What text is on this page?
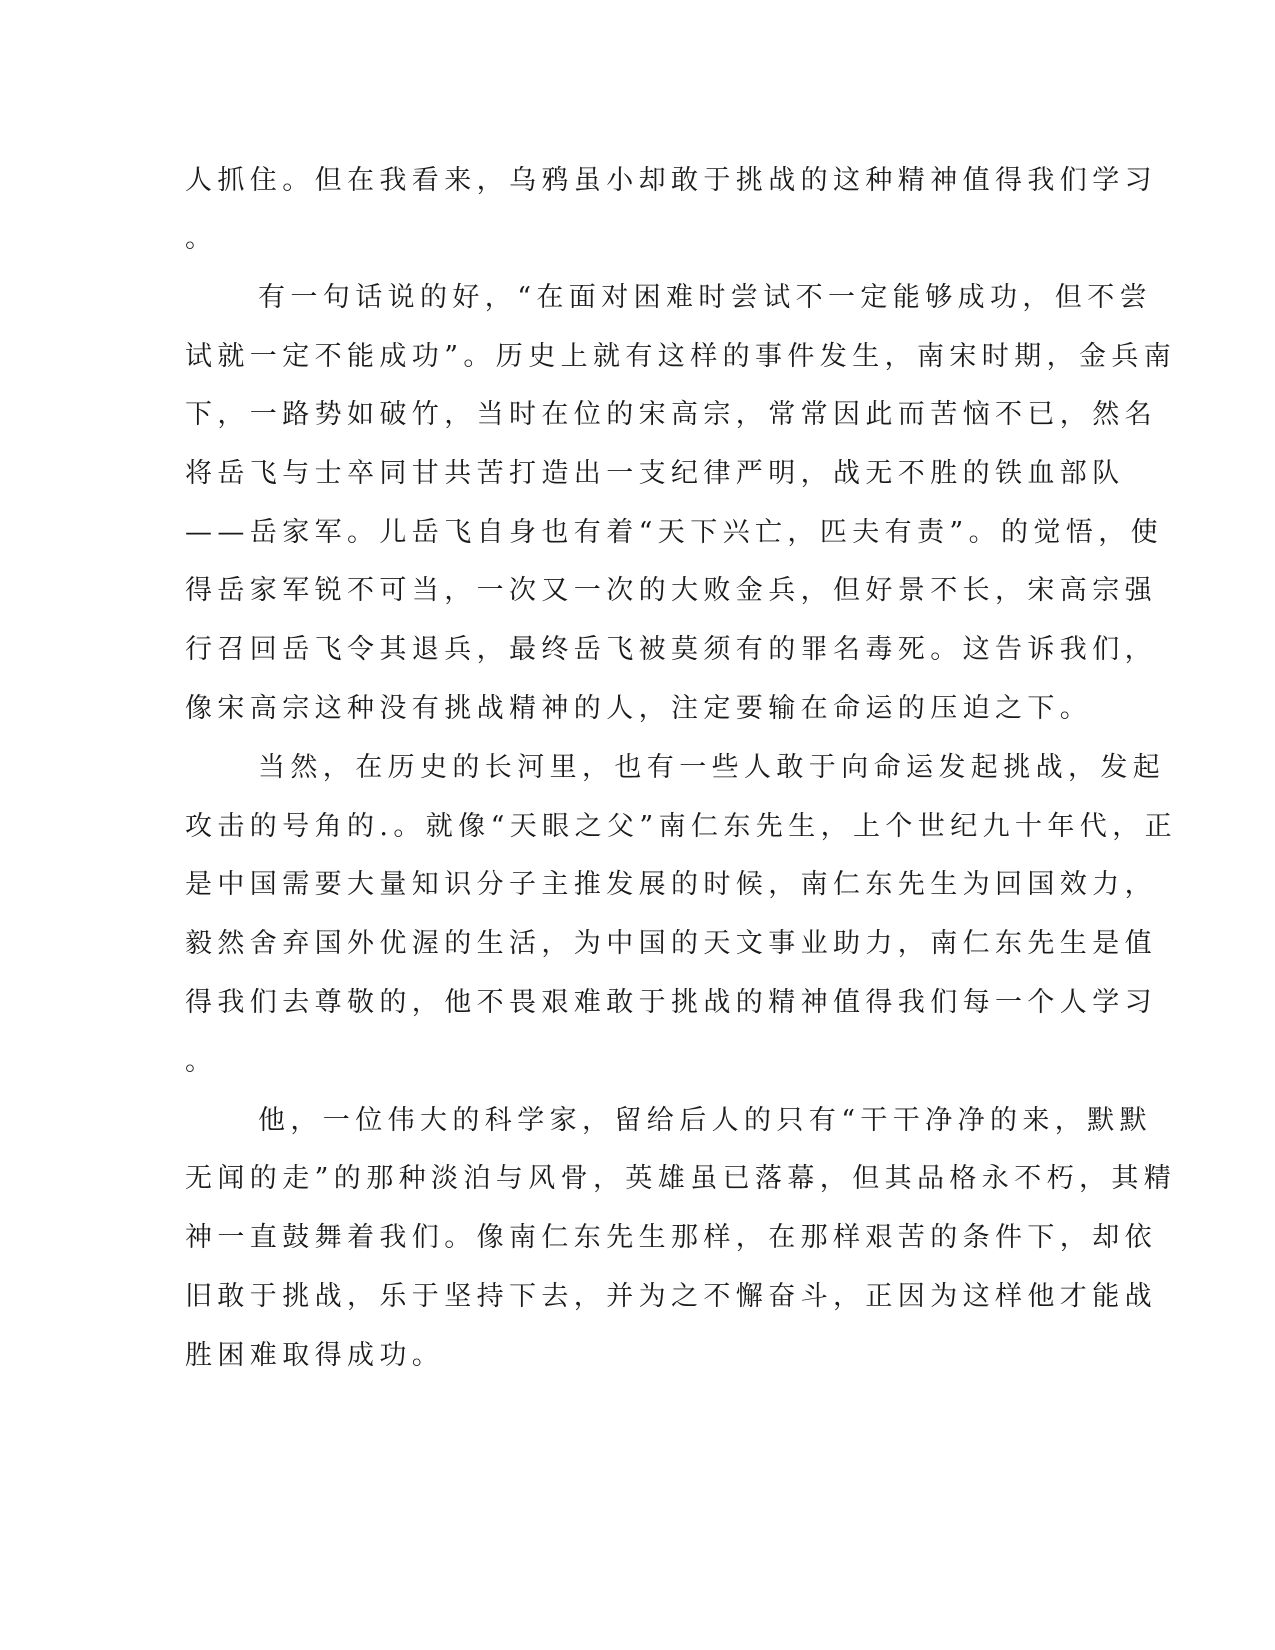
人抓住。但在我看来，乌鸦虽小却敢于挑战的这种精神值得我们学习

。

有一句话说的好，“在面对困难时尝试不一定能够成功，但不尝

试就一定不能成功”。历史上就有这样的事件发生，南宋时期，金兵南

下，一路势如破竹，当时在位的宋高宗，常常因此而苦恼不已，然名

将岳飞与士卒同甘共苦打造出一支纪律严明，战无不胜的铁血部队

——岳家军。儿岳飞自身也有着“天下兴亡，匹夫有责”。的觉悟，使

得岳家军锐不可当，一次又一次的大败金兵，但好景不长，宋高宗强

行召回岳飞令其退兵，最终岳飞被莫须有的罪名毒死。这告诉我们，

像宋高宗这种没有挑战精神的人，注定要输在命运的压迫之下。

当然，在历史的长河里，也有一些人敢于向命运发起挑战，发起

攻击的号角的.。就像“天眼之父”南仁东先生，上个世纪九十年代，正

是中国需要大量知识分子主推发展的时候，南仁东先生为回国效力，

毅然舍弃国外优渥的生活，为中国的天文事业助力，南仁东先生是值

得我们去尊敬的，他不畏艰难敢于挑战的精神值得我们每一个人学习

。

他，一位伟大的科学家，留给后人的只有“干干净净的来，默默

无闻的走”的那种淡泊与风骨，英雄虽已落幕，但其品格永不朽，其精

神一直鼓舞着我们。像南仁东先生那样，在那样艰苦的条件下，却依

旧敢于挑战，乐于坚持下去，并为之不懈奋斗，正因为这样他才能战

胜困难取得成功。
